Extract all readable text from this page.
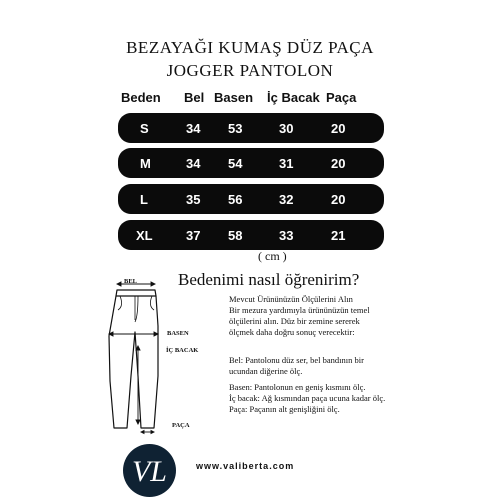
BEZAYAĞI KUMAŞ DÜZ PAÇA
JOGGER PANTOLON
Beden Bel Basen İç Bacak Paça
S	34 53	30	20
M	34 54	31	20
L	35 56	32	20
XL	37 58	33	21
( cm )
Bedenimi nasıl öğrenirim?
Mevcut Ürününüzün Ölçülerini Alın
Bir mezura yardımıyla ürününüzün temel
ölçülerini alın. Düz bir zemine sererek
ölçmek daha doğru sonuç verecektir:
Bel: Pantolonu düz ser, bel bandının bir
ucundan diğerine ölç.
Basen: Pantolonun en geniş kısmını ölç.
İç bacak: Ağ kısmından paça ucuna kadar ölç.
Paça: Paçanın alt genişliğini ölç.
BEL
BASEN
İÇ BACAK
PAÇA
VL	www.valiberta.com
